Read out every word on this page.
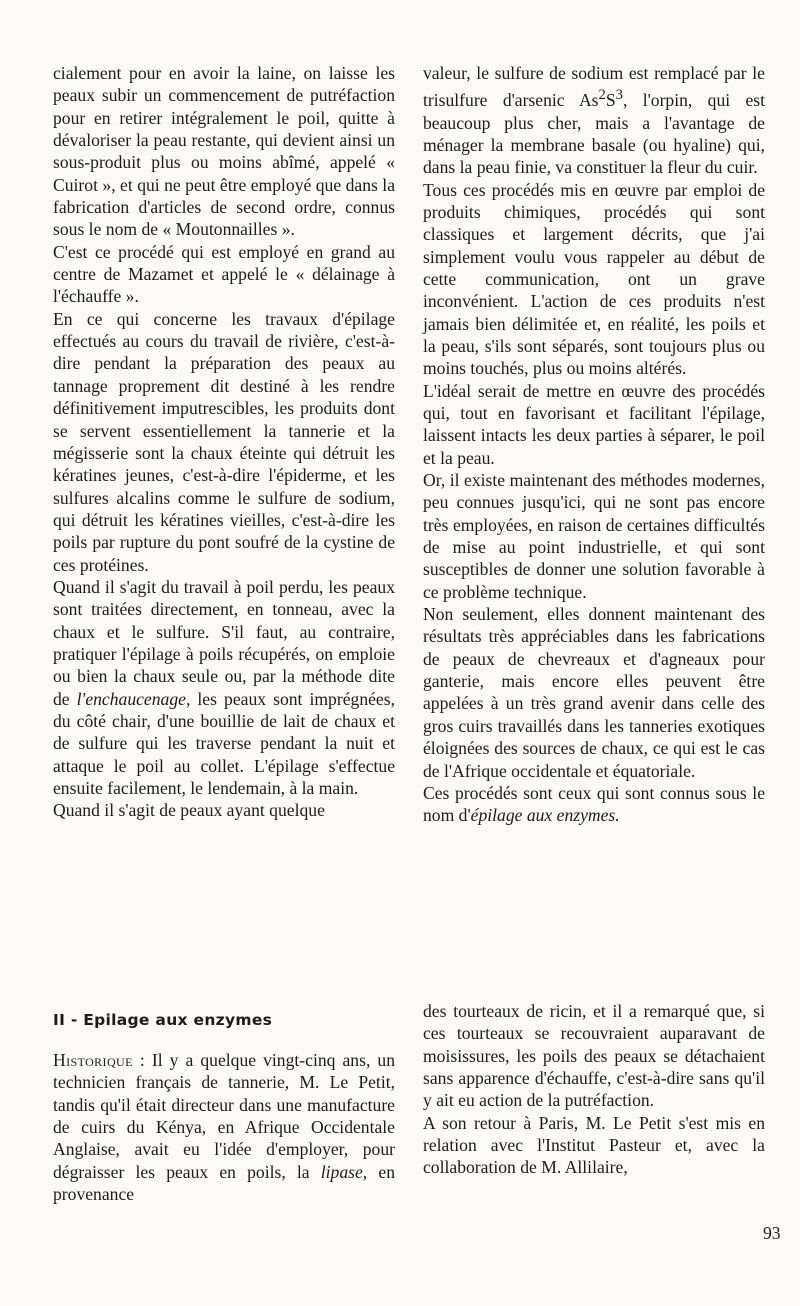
cialement pour en avoir la laine, on laisse les peaux subir un commencement de putréfaction pour en retirer intégralement le poil, quitte à dévaloriser la peau restante, qui devient ainsi un sous-produit plus ou moins abîmé, appelé « Cuirot », et qui ne peut être employé que dans la fabrication d'articles de second ordre, connus sous le nom de « Moutonnailles ».

C'est ce procédé qui est employé en grand au centre de Mazamet et appelé le « délainage à l'échauffe ».

En ce qui concerne les travaux d'épilage effectués au cours du travail de rivière, c'est-à-dire pendant la préparation des peaux au tannage proprement dit destiné à les rendre définitivement imputrescibles, les produits dont se servent essentiellement la tannerie et la mégisserie sont la chaux éteinte qui détruit les kératines jeunes, c'est-à-dire l'épiderme, et les sulfures alcalins comme le sulfure de sodium, qui détruit les kératines vieilles, c'est-à-dire les poils par rupture du pont soufré de la cystine de ces protéines.

Quand il s'agit du travail à poil perdu, les peaux sont traitées directement, en tonneau, avec la chaux et le sulfure. S'il faut, au contraire, pratiquer l'épilage à poils récupérés, on emploie ou bien la chaux seule ou, par la méthode dite de l'enchaucenage, les peaux sont imprégnées, du côté chair, d'une bouillie de lait de chaux et de sulfure qui les traverse pendant la nuit et attaque le poil au collet. L'épilage s'effectue ensuite facilement, le lendemain, à la main.

Quand il s'agit de peaux ayant quelque

valeur, le sulfure de sodium est remplacé par le trisulfure d'arsenic $As^2S^3$, l'orpin, qui est beaucoup plus cher, mais a l'avantage de ménager la membrane basale (ou hyaline) qui, dans la peau finie, va constituer la fleur du cuir.

Tous ces procédés mis en œuvre par emploi de produits chimiques, procédés qui sont classiques et largement décrits, que j'ai simplement voulu vous rappeler au début de cette communication, ont un grave inconvénient. L'action de ces produits n'est jamais bien délimitée et, en réalité, les poils et la peau, s'ils sont séparés, sont toujours plus ou moins touchés, plus ou moins altérés.

L'idéal serait de mettre en œuvre des procédés qui, tout en favorisant et facilitant l'épilage, laissent intacts les deux parties à séparer, le poil et la peau.

Or, il existe maintenant des méthodes modernes, peu connues jusqu'ici, qui ne sont pas encore très employées, en raison de certaines difficultés de mise au point industrielle, et qui sont susceptibles de donner une solution favorable à ce problème technique.

Non seulement, elles donnent maintenant des résultats très appréciables dans les fabrications de peaux de chevreaux et d'agneaux pour ganterie, mais encore elles peuvent être appelées à un très grand avenir dans celle des gros cuirs travaillés dans les tanneries exotiques éloignées des sources de chaux, ce qui est le cas de l'Afrique occidentale et équatoriale.

Ces procédés sont ceux qui sont connus sous le nom d'épilage aux enzymes.

II - Epilage aux enzymes

Historique : Il y a quelque vingt-cinq ans, un technicien français de tannerie, M. Le Petit, tandis qu'il était directeur dans une manufacture de cuirs du Kénya, en Afrique Occidentale Anglaise, avait eu l'idée d'employer, pour dégraisser les peaux en poils, la lipase, en provenance

des tourteaux de ricin, et il a remarqué que, si ces tourteaux se recouvraient auparavant de moisissures, les poils des peaux se détachaient sans apparence d'échauffe, c'est-à-dire sans qu'il y ait eu action de la putréfaction.

A son retour à Paris, M. Le Petit s'est mis en relation avec l'Institut Pasteur et, avec la collaboration de M. Allilaire,

93
